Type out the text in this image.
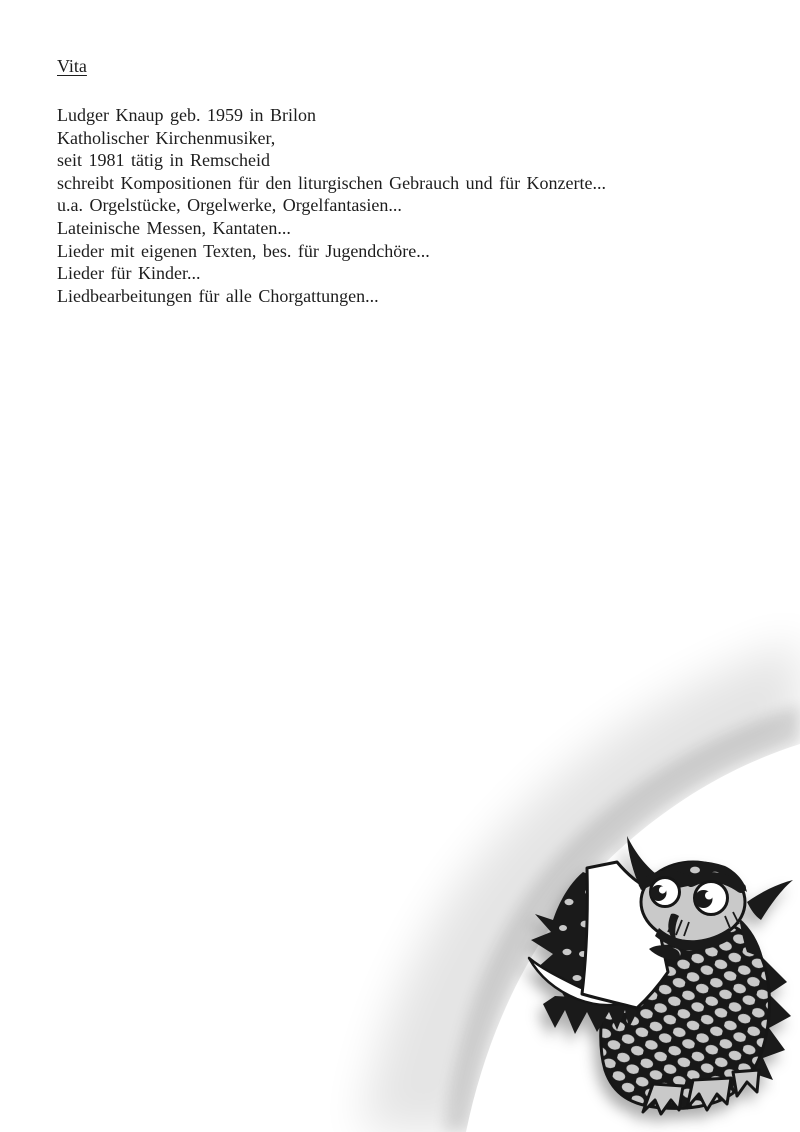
Vita
Ludger Knaup geb. 1959 in Brilon
Katholischer Kirchenmusiker,
seit 1981 tätig in Remscheid
schreibt Kompositionen für den liturgischen Gebrauch und für Konzerte...
u.a. Orgelstücke, Orgelwerke, Orgelfantasien...
Lateinische Messen, Kantaten...
Lieder mit eigenen Texten, bes. für Jugendchöre...
Lieder für Kinder...
Liedbearbeitungen für alle Chorgattungen...
